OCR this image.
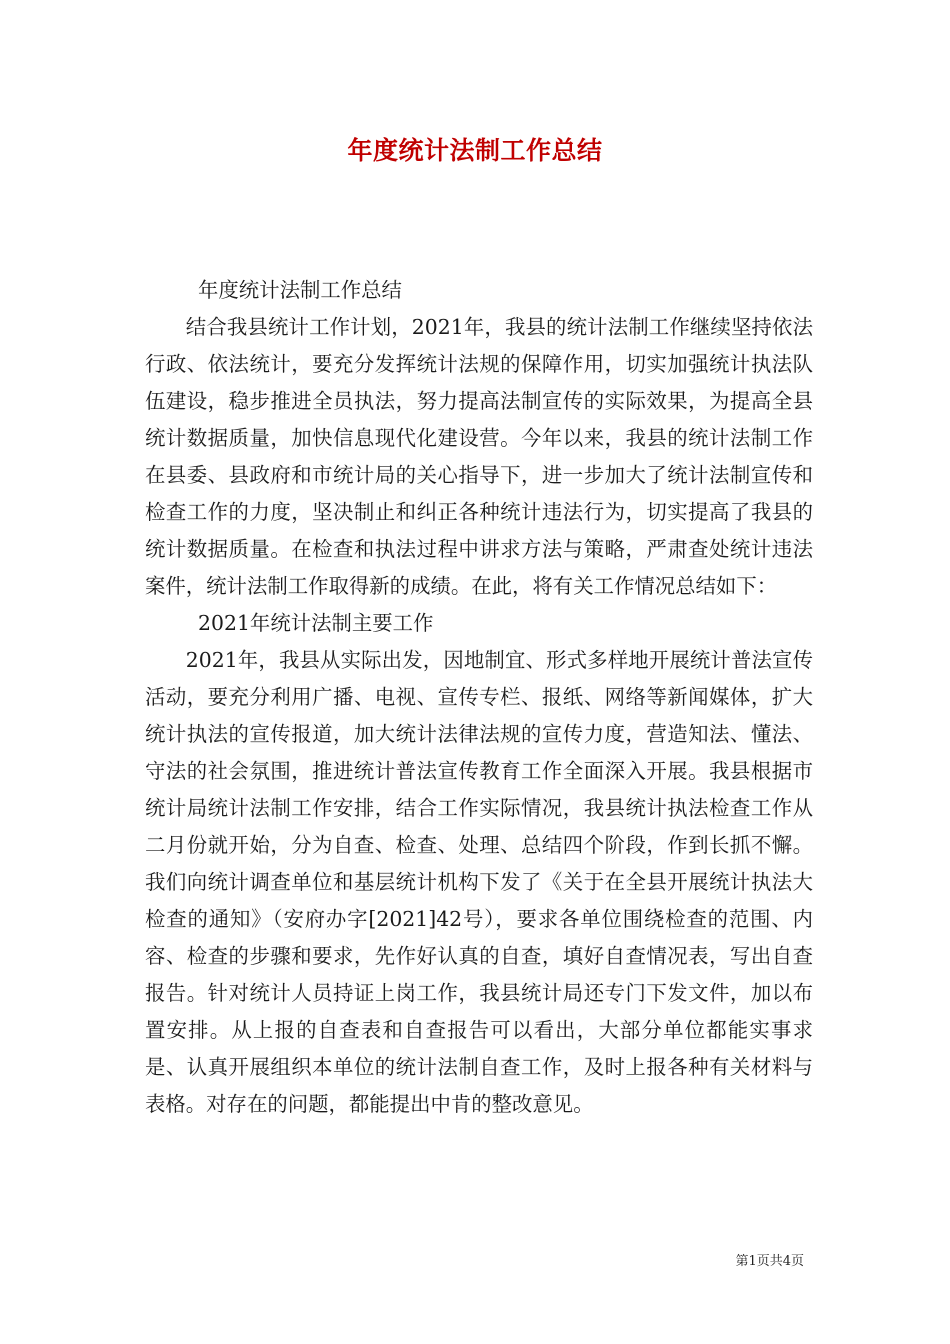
年度统计法制工作总结

年度统计法制工作总结

结合我县统计工作计划，2021年，我县的统计法制工作继续坚持依法行政、依法统计，要充分发挥统计法规的保障作用，切实加强统计执法队伍建设，稳步推进全员执法，努力提高法制宣传的实际效果，为提高全县统计数据质量，加快信息现代化建设营。今年以来，我县的统计法制工作在县委、县政府和市统计局的关心指导下，进一步加大了统计法制宣传和检查工作的力度，坚决制止和纠正各种统计违法行为，切实提高了我县的统计数据质量。在检查和执法过程中讲求方法与策略，严肃查处统计违法案件，统计法制工作取得新的成绩。在此，将有关工作情况总结如下：

2021年统计法制主要工作

2021年，我县从实际出发，因地制宜、形式多样地开展统计普法宣传活动，要充分利用广播、电视、宣传专栏、报纸、网络等新闻媒体，扩大统计执法的宣传报道，加大统计法律法规的宣传力度，营造知法、懂法、守法的社会氛围，推进统计普法宣传教育工作全面深入开展。我县根据市统计局统计法制工作安排，结合工作实际情况，我县统计执法检查工作从二月份就开始，分为自查、检查、处理、总结四个阶段，作到长抓不懈。我们向统计调查单位和基层统计机构下发了《关于在全县开展统计执法大检查的通知》（安府办字[2021]42号），要求各单位围绕检查的范围、内容、检查的步骤和要求，先作好认真的自查，填好自查情况表，写出自查报告。针对统计人员持证上岗工作，我县统计局还专门下发文件，加以布置安排。从上报的自查表和自查报告可以看出，大部分单位都能实事求是、认真开展组织本单位的统计法制自查工作，及时上报各种有关材料与表格。对存在的问题，都能提出中肯的整改意见。

第1页共4页
